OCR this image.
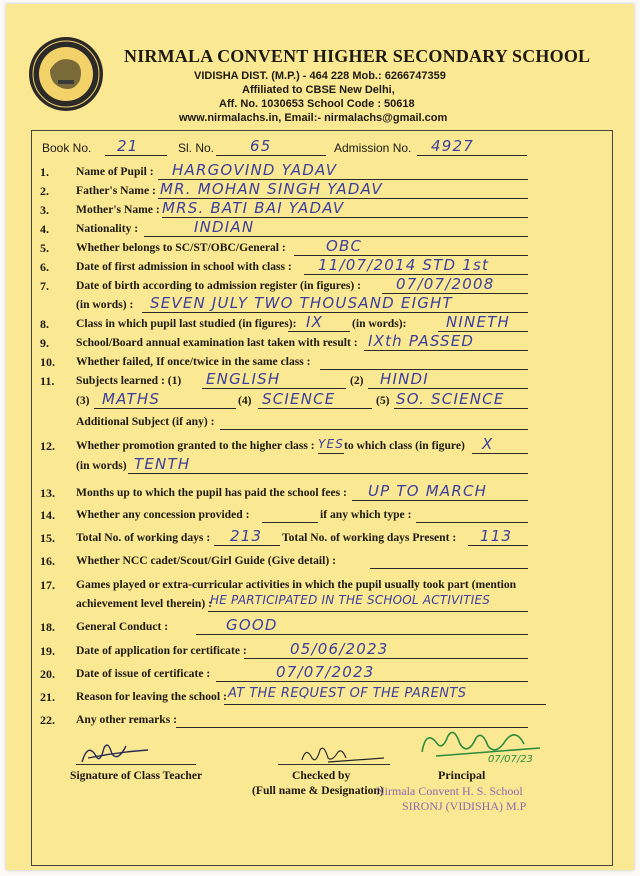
NIRMALA CONVENT HIGHER SECONDARY SCHOOL
VIDISHA DIST. (M.P.) - 464 228 Mob.: 6266747359
Affiliated to CBSE New Delhi,
Aff. No. 1030653 School Code : 50618
www.nirmalachs.in, Email:- nirmalachs@gmail.com
Book No. 21	Sl. No. 65	Admission No. 4927
1. Name of Pupil : HARGOVIND YADAV
2. Father's Name : MR. MOHAN SINGH YADAV
3. Mother's Name : MRS. BATI BAI YADAV
4. Nationality :	INDIAN
5. Whether belongs to SC/ST/OBC/General :	OBC
6. Date of first admission in school with class : 11/07/2014 STD 1st
7. Date of birth according to admission register (in figures) : 07/07/2008
(in words) : SEVEN JULY TWO THOUSAND EIGHT
8. Class in which pupil last studied (in figures): IX (in words):	NINETH
9. School/Board annual examination last taken with result : IXth PASSED
10. Whether failed, If once/twice in the same class :
11. Subjects learned : (1) ENGLISH	(2) HINDI
(3) MATHS	(4) SCIENCE	(5) SO. SCIENCE
Additional Subject (if any) :
12. Whether promotion granted to the higher class : YES to which class (in figure) X
(in words) TENTH
13. Months up to which the pupil has paid the school fees : UP TO MARCH
14. Whether any concession provided :	if any which type :
15. Total No. of working days : 213 Total No. of working days Present : 113
16. Whether NCC cadet/Scout/Girl Guide (Give detail) :
17. Games played or extra-curricular activities in which the pupil usually took part (mention
achievement level therein) :
HE PARTICIPATED IN THE SCHOOL ACTIVITIES
18. General Conduct :	GOOD
19. Date of application for certificate :	05/06/2023
20. Date of issue of certificate :	07/07/2023
21. Reason for leaving the school : AT THE REQUEST OF THE PARENTS
22. Any other remarks :
Signature of Class Teacher	Checked by
(Full name & Designation)
07/07/23
Principal
Nirmala Convent H. S. School
SIRONJ (VIDISHA) M.P
